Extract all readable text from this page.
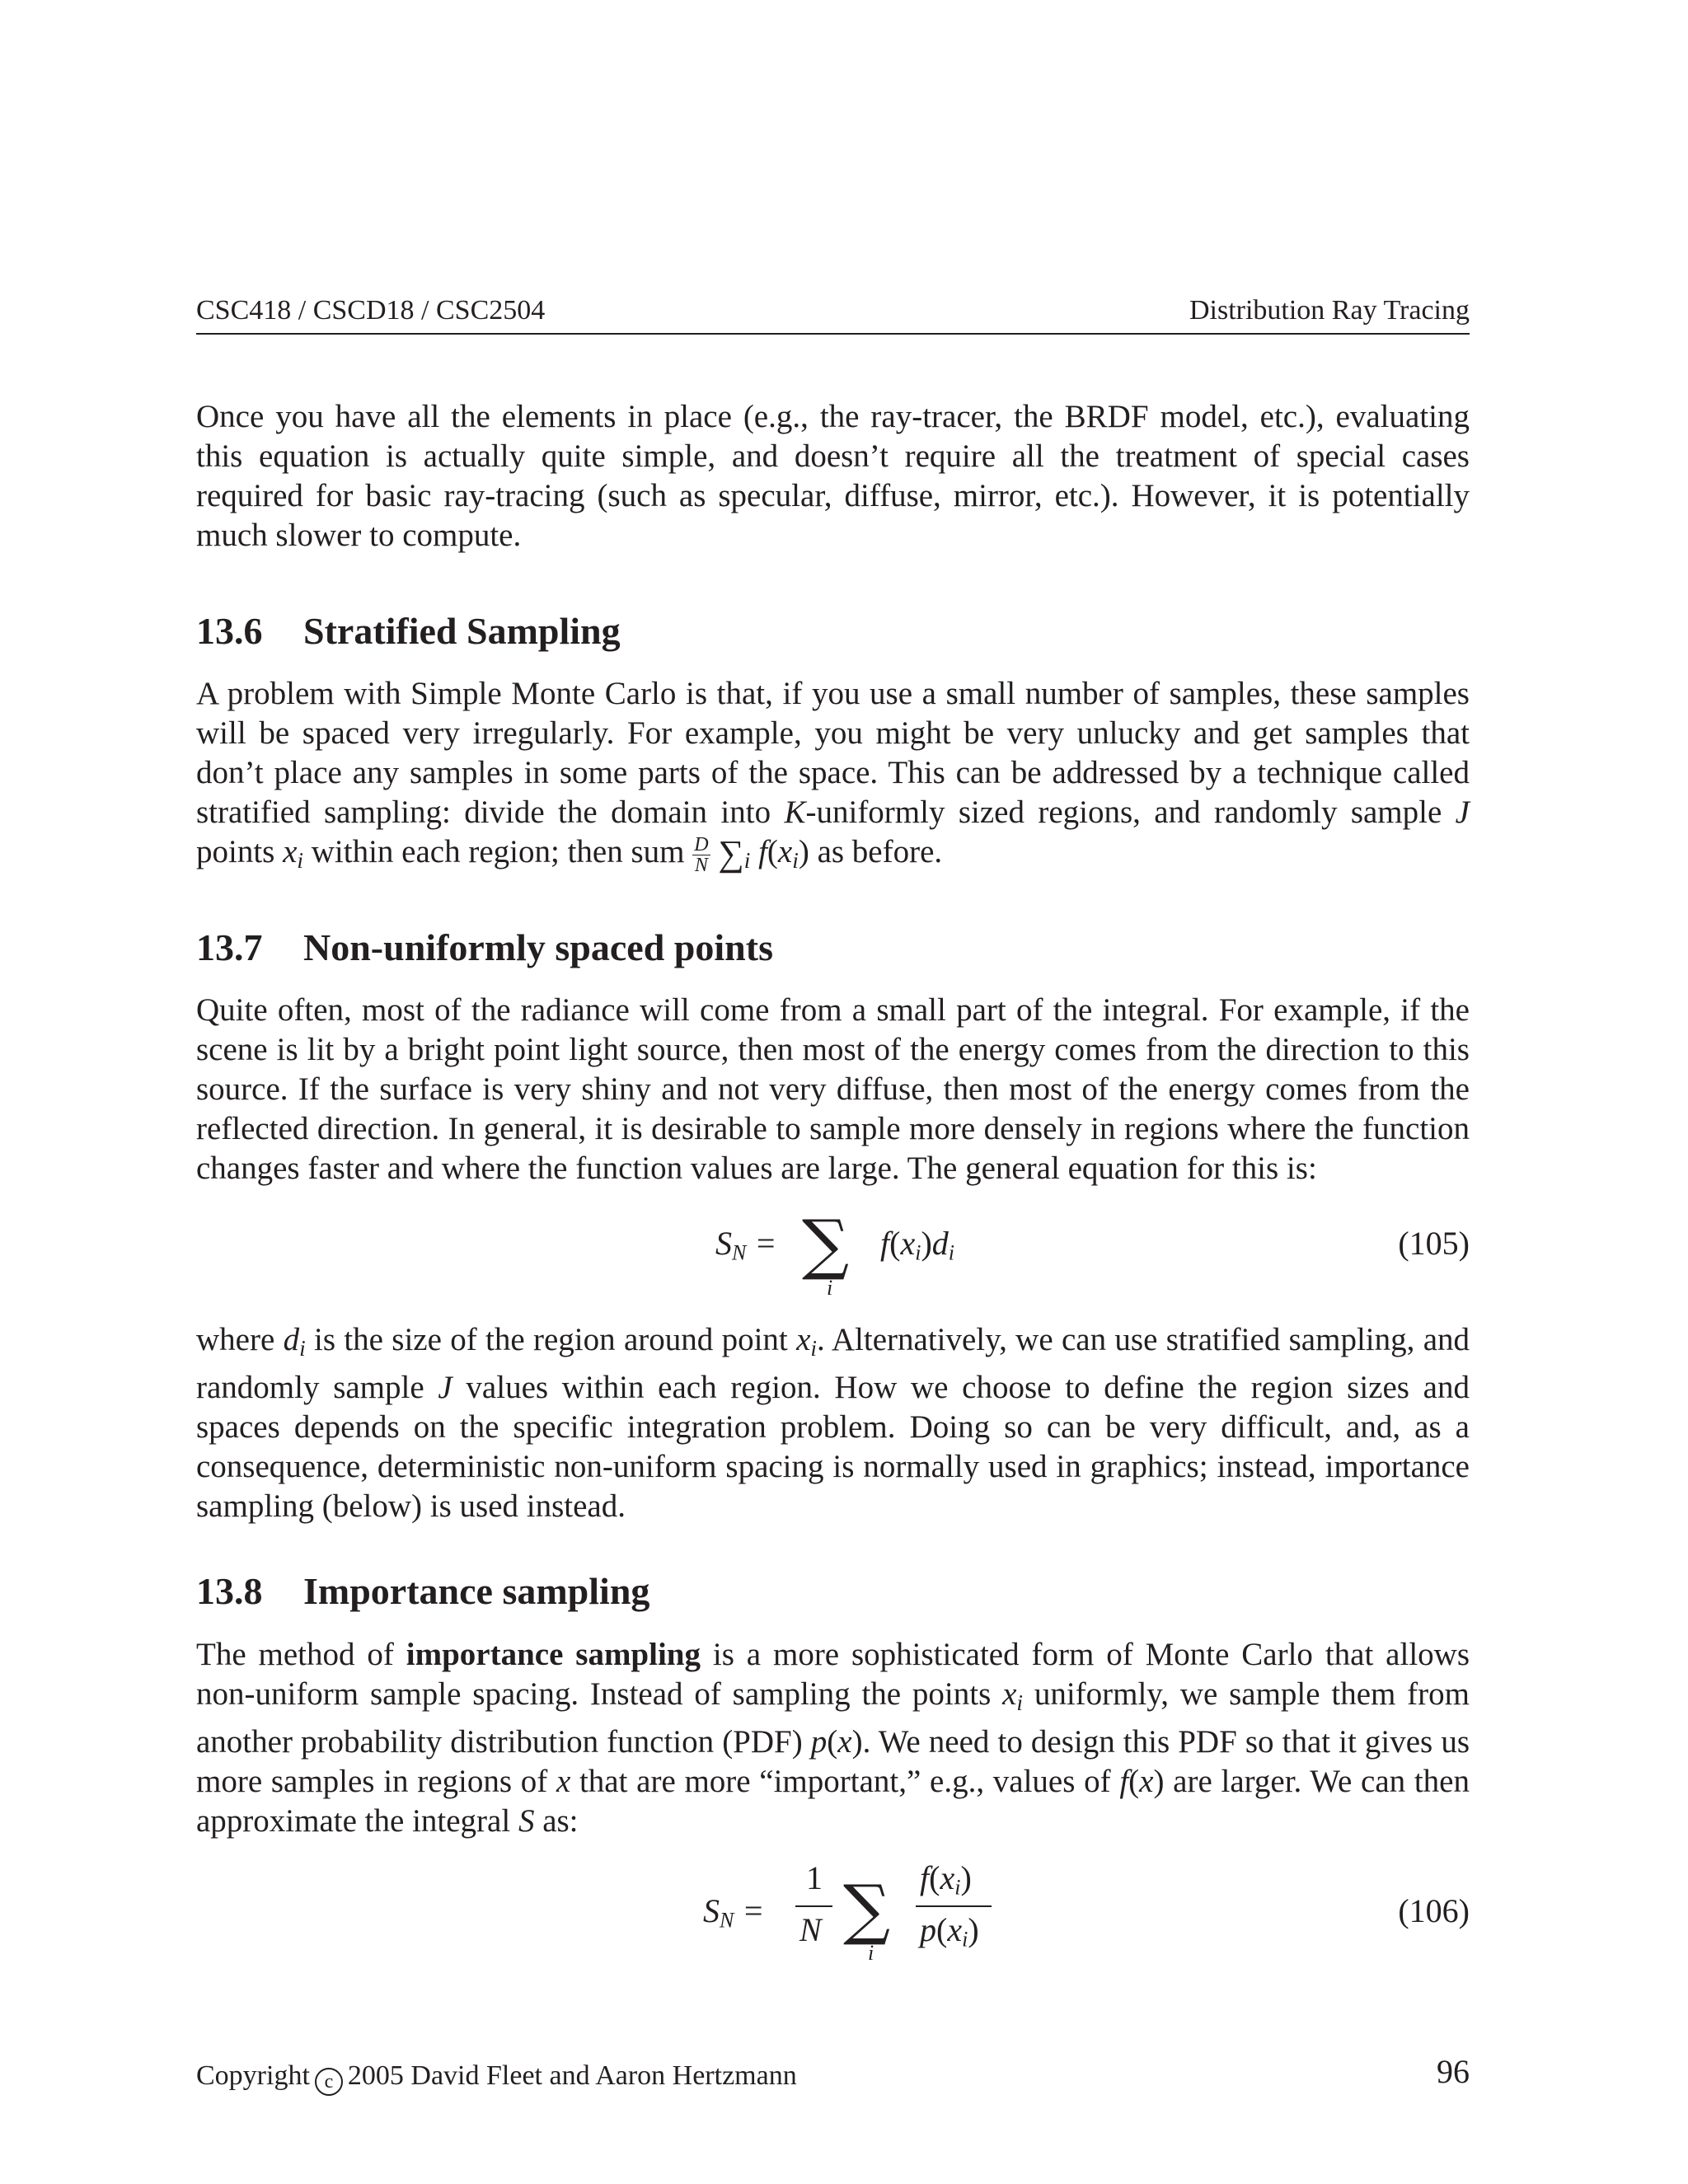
CSC418 / CSCD18 / CSC2504	Distribution Ray Tracing

Once you have all the elements in place (e.g., the ray-tracer, the BRDF model, etc.), evaluating this equation is actually quite simple, and doesn’t require all the treatment of special cases required for basic ray-tracing (such as specular, diffuse, mirror, etc.). However, it is potentially much slower to compute.

13.6 Stratified Sampling

A problem with Simple Monte Carlo is that, if you use a small number of samples, these samples will be spaced very irregularly. For example, you might be very unlucky and get samples that don’t place any samples in some parts of the space. This can be addressed by a technique called stratified sampling: divide the domain into K-uniformly sized regions, and randomly sample J points $x_i$ within each region; then sum $\frac{D}{N} \sum_i$ $f(x_i)$ as before.

13.7 Non-uniformly spaced points

Quite often, most of the radiance will come from a small part of the integral. For example, if the scene is lit by a bright point light source, then most of the energy comes from the direction to this source. If the surface is very shiny and not very diffuse, then most of the energy comes from the reflected direction. In general, it is desirable to sample more densely in regions where the function changes faster and where the function values are large. The general equation for this is:

$S_N$ = ∑
i
$f(x_i)d_i$	(105)

where $d_i$ is the size of the region around point $x_i$. Alternatively, we can use stratified sampling, and randomly sample J values within each region. How we choose to define the region sizes and spaces depends on the specific integration problem. Doing so can be very difficult, and, as a consequence, deterministic non-uniform spacing is normally used in graphics; instead, importance sampling (below) is used instead.

13.8 Importance sampling

The method of importance sampling is a more sophisticated form of Monte Carlo that allows non-uniform sample spacing. Instead of sampling the points $x_i$ uniformly, we sample them from another probability distribution function (PDF) p(x). We need to design this PDF so that it gives us more samples in regions of x that are more “important,” e.g., values of f(x) are larger. We can then approximate the integral S as:

$S_N$ =
1
N ∑
i
$f(x_i)$
$p(x_i)$
(106)
Copyright c 2005 David Fleet and Aaron Hertzmann	96
